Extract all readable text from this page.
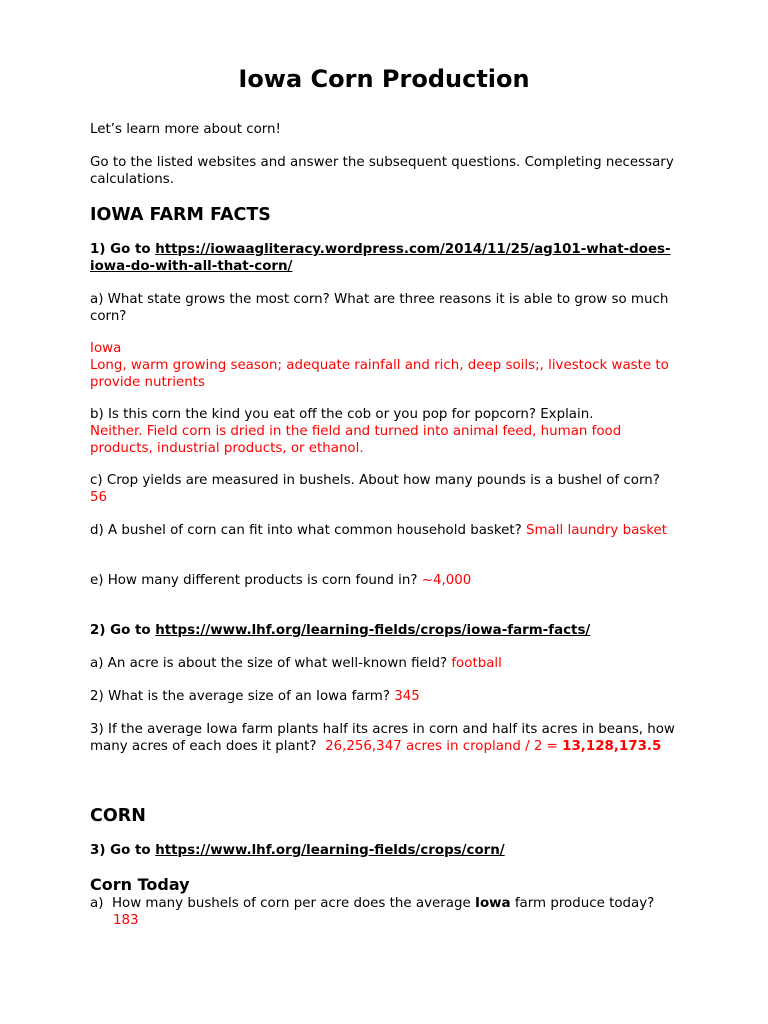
Iowa Corn Production

Let’s learn more about corn!

Go to the listed websites and answer the subsequent questions. Completing necessary calculations.

IOWA FARM FACTS

1) Go to https://iowaagliteracy.wordpress.com/2014/11/25/ag101-what-does-iowa-do-with-all-that-corn/

a) What state grows the most corn? What are three reasons it is able to grow so much corn?

Iowa

Long, warm growing season; adequate rainfall and rich, deep soils;, livestock waste to provide nutrients

b) Is this corn the kind you eat off the cob or you pop for popcorn? Explain.

Neither. Field corn is dried in the field and turned into animal feed, human food products, industrial products, or ethanol.

c) Crop yields are measured in bushels. About how many pounds is a bushel of corn? 56

d) A bushel of corn can fit into what common household basket? Small laundry basket

e) How many different products is corn found in? ~4,000

2) Go to https://www.lhf.org/learning-fields/crops/iowa-farm-facts/

a) An acre is about the size of what well-known field? football

2) What is the average size of an Iowa farm? 345

3) If the average Iowa farm plants half its acres in corn and half its acres in beans, how many acres of each does it plant? 26,256,347 acres in cropland / 2 = 13,128,173.5

CORN

3) Go to https://www.lhf.org/learning-fields/crops/corn/

Corn Today

a) How many bushels of corn per acre does the average Iowa farm produce today?
183
